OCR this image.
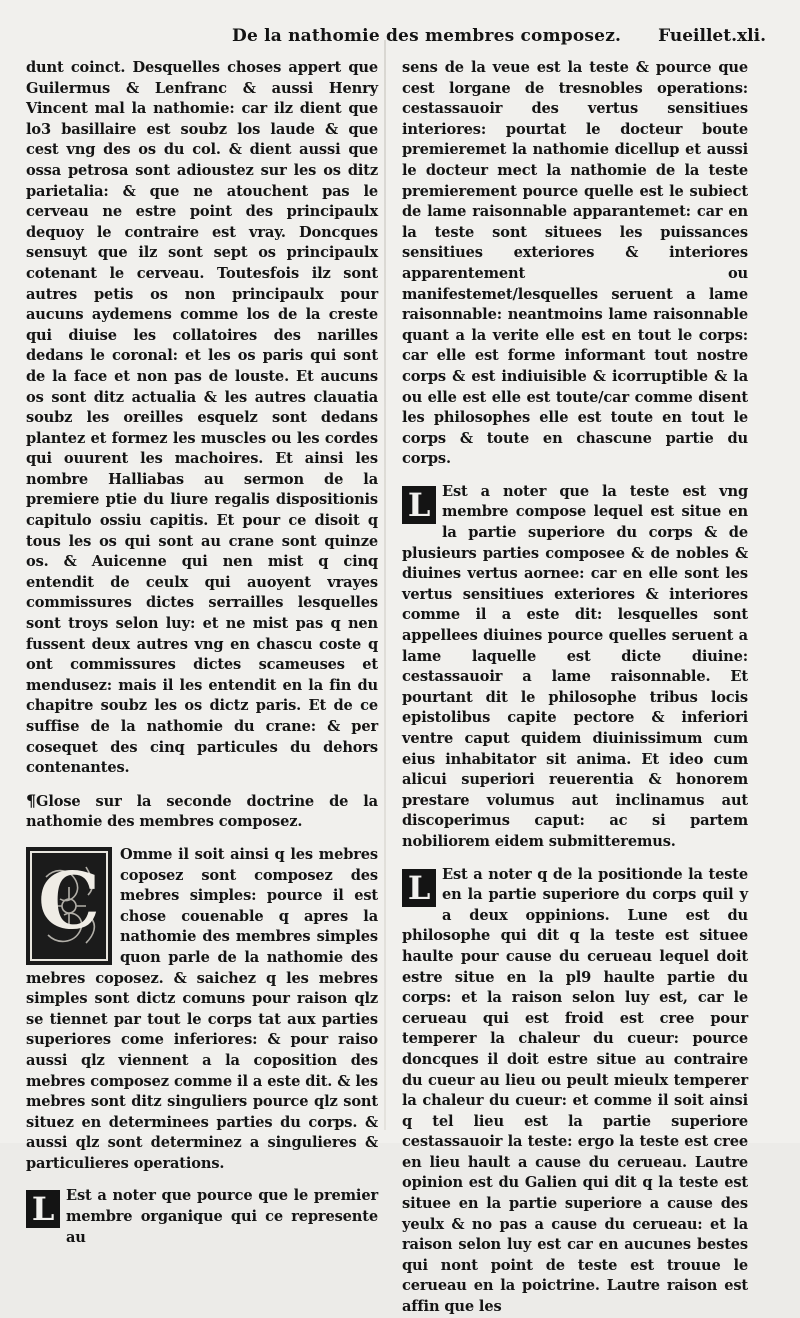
De la nathomie des membres composez. Fueillet.xli.

dunt coinct. Desquelles choses appert que Guilermus & Lenfranc & aussi Henry Vincent mal la nathomie: car ilz dient que lo3 basillaire est soubz los laude & que cest vng des os du col. & dient aussi que ossa petrosa sont adioustez sur les os ditz parietalia: & que ne atouchent pas le cerveau ne estre point des principaulx dequoy le contraire est vray. Doncques sensuyt que ilz sont sept os principaulx cotenant le cerveau. Toutesfois ilz sont autres petis os non principaulx pour aucuns aydemens comme los de la creste qui diuise les collatoires des narilles dedans le coronal: et les os paris qui sont de la face et non pas de louste. Et aucuns os sont ditz actualia & les autres clauatia soubz les oreilles esquelz sont dedans plantez et formez les muscles ou les cordes qui ouurent les machoires. Et ainsi les nombre Halliabas au sermon de la premiere ptie du liure regalis dispositionis capitulo ossiu capitis. Et pour ce disoit q tous les os qui sont au crane sont quinze os. & Auicenne qui nen mist q cinq entendit de ceulx qui auoyent vrayes commissures dictes serrailles lesquelles sont troys selon luy: et ne mist pas q nen fussent deux autres vng en chascu coste q ont commissures dictes scameuses et mendusez: mais il les entendit en la fin du chapitre soubz les os dictz paris. Et de ce suffise de la nathomie du crane: & per cosequet des cinq particules du dehors contenantes.

¶Glose sur la seconde doctrine de la nathomie des membres composez.

C
Omme il soit ainsi q les mebres coposez sont composez des mebres simples: pource il est chose couenable q apres la nathomie des membres simples quon parle de la nathomie des mebres coposez. & saichez q les mebres simples sont dictz comuns pour raison qlz se tiennet par tout le corps tat aux parties superiores come inferiores: & pour raiso aussi qlz viennent a la coposition des mebres composez comme il a este dit. & les mebres sont ditz singuliers pource qlz sont situez en determinees parties du corps. & aussi qlz sont determinez a singulieres & particulieres operations.

L Est a noter que pource que le premier membre organique qui ce represente au

sens de la veue est la teste & pource que cest lorgane de tresnobles operations: cestassauoir des vertus sensitiues interiores: pourtat le docteur boute premieremet la nathomie dicellup et aussi le docteur mect la nathomie de la teste premierement pource quelle est le subiect de lame raisonnable apparantemet: car en la teste sont situees les puissances sensitiues exteriores & interiores apparentement ou manifestemet/lesquelles seruent a lame raisonnable: neantmoins lame raisonnable quant a la verite elle est en tout le corps: car elle est forme informant tout nostre corps & est indiuisible & icorruptible & la ou elle est elle est toute/car comme disent les philosophes elle est toute en tout le corps & toute en chascune partie du corps.

L Est a noter que la teste est vng membre compose lequel est situe en la partie superiore du corps & de plusieurs parties composee & de nobles & diuines vertus aornee: car en elle sont les vertus sensitiues exteriores & interiores comme il a este dit: lesquelles sont appellees diuines pource quelles seruent a lame laquelle est dicte diuine: cestassauoir a lame raisonnable. Et pourtant dit le philosophe tribus locis epistolibus capite pectore & inferiori ventre caput quidem diuinissimum cum eius inhabitator sit anima. Et ideo cum alicui superiori reuerentia & honorem prestare volumus aut inclinamus aut discoperimus caput: ac si partem nobiliorem eidem submitteremus.

L Est a noter q de la positionde la teste en la partie superiore du corps quil y a deux oppinions. Lune est du philosophe qui dit q la teste est situee haulte pour cause du cerueau lequel doit estre situe en la pl9 haulte partie du corps: et la raison selon luy est, car le cerueau qui est froid est cree pour temperer la chaleur du cueur: pource doncques il doit estre situe au contraire du cueur au lieu ou peult mieulx temperer la chaleur du cueur: et comme il soit ainsi q tel lieu est la partie superiore cestassauoir la teste: ergo la teste est cree en lieu hault a cause du cerueau. Lautre opinion est du Galien qui dit q la teste est situee en la partie superiore a cause des yeulx & no pas a cause du cerueau: et la raison selon luy est car en aucunes bestes qui nont point de teste est trouue le cerueau en la poictrine. Lautre raison est affin que les
